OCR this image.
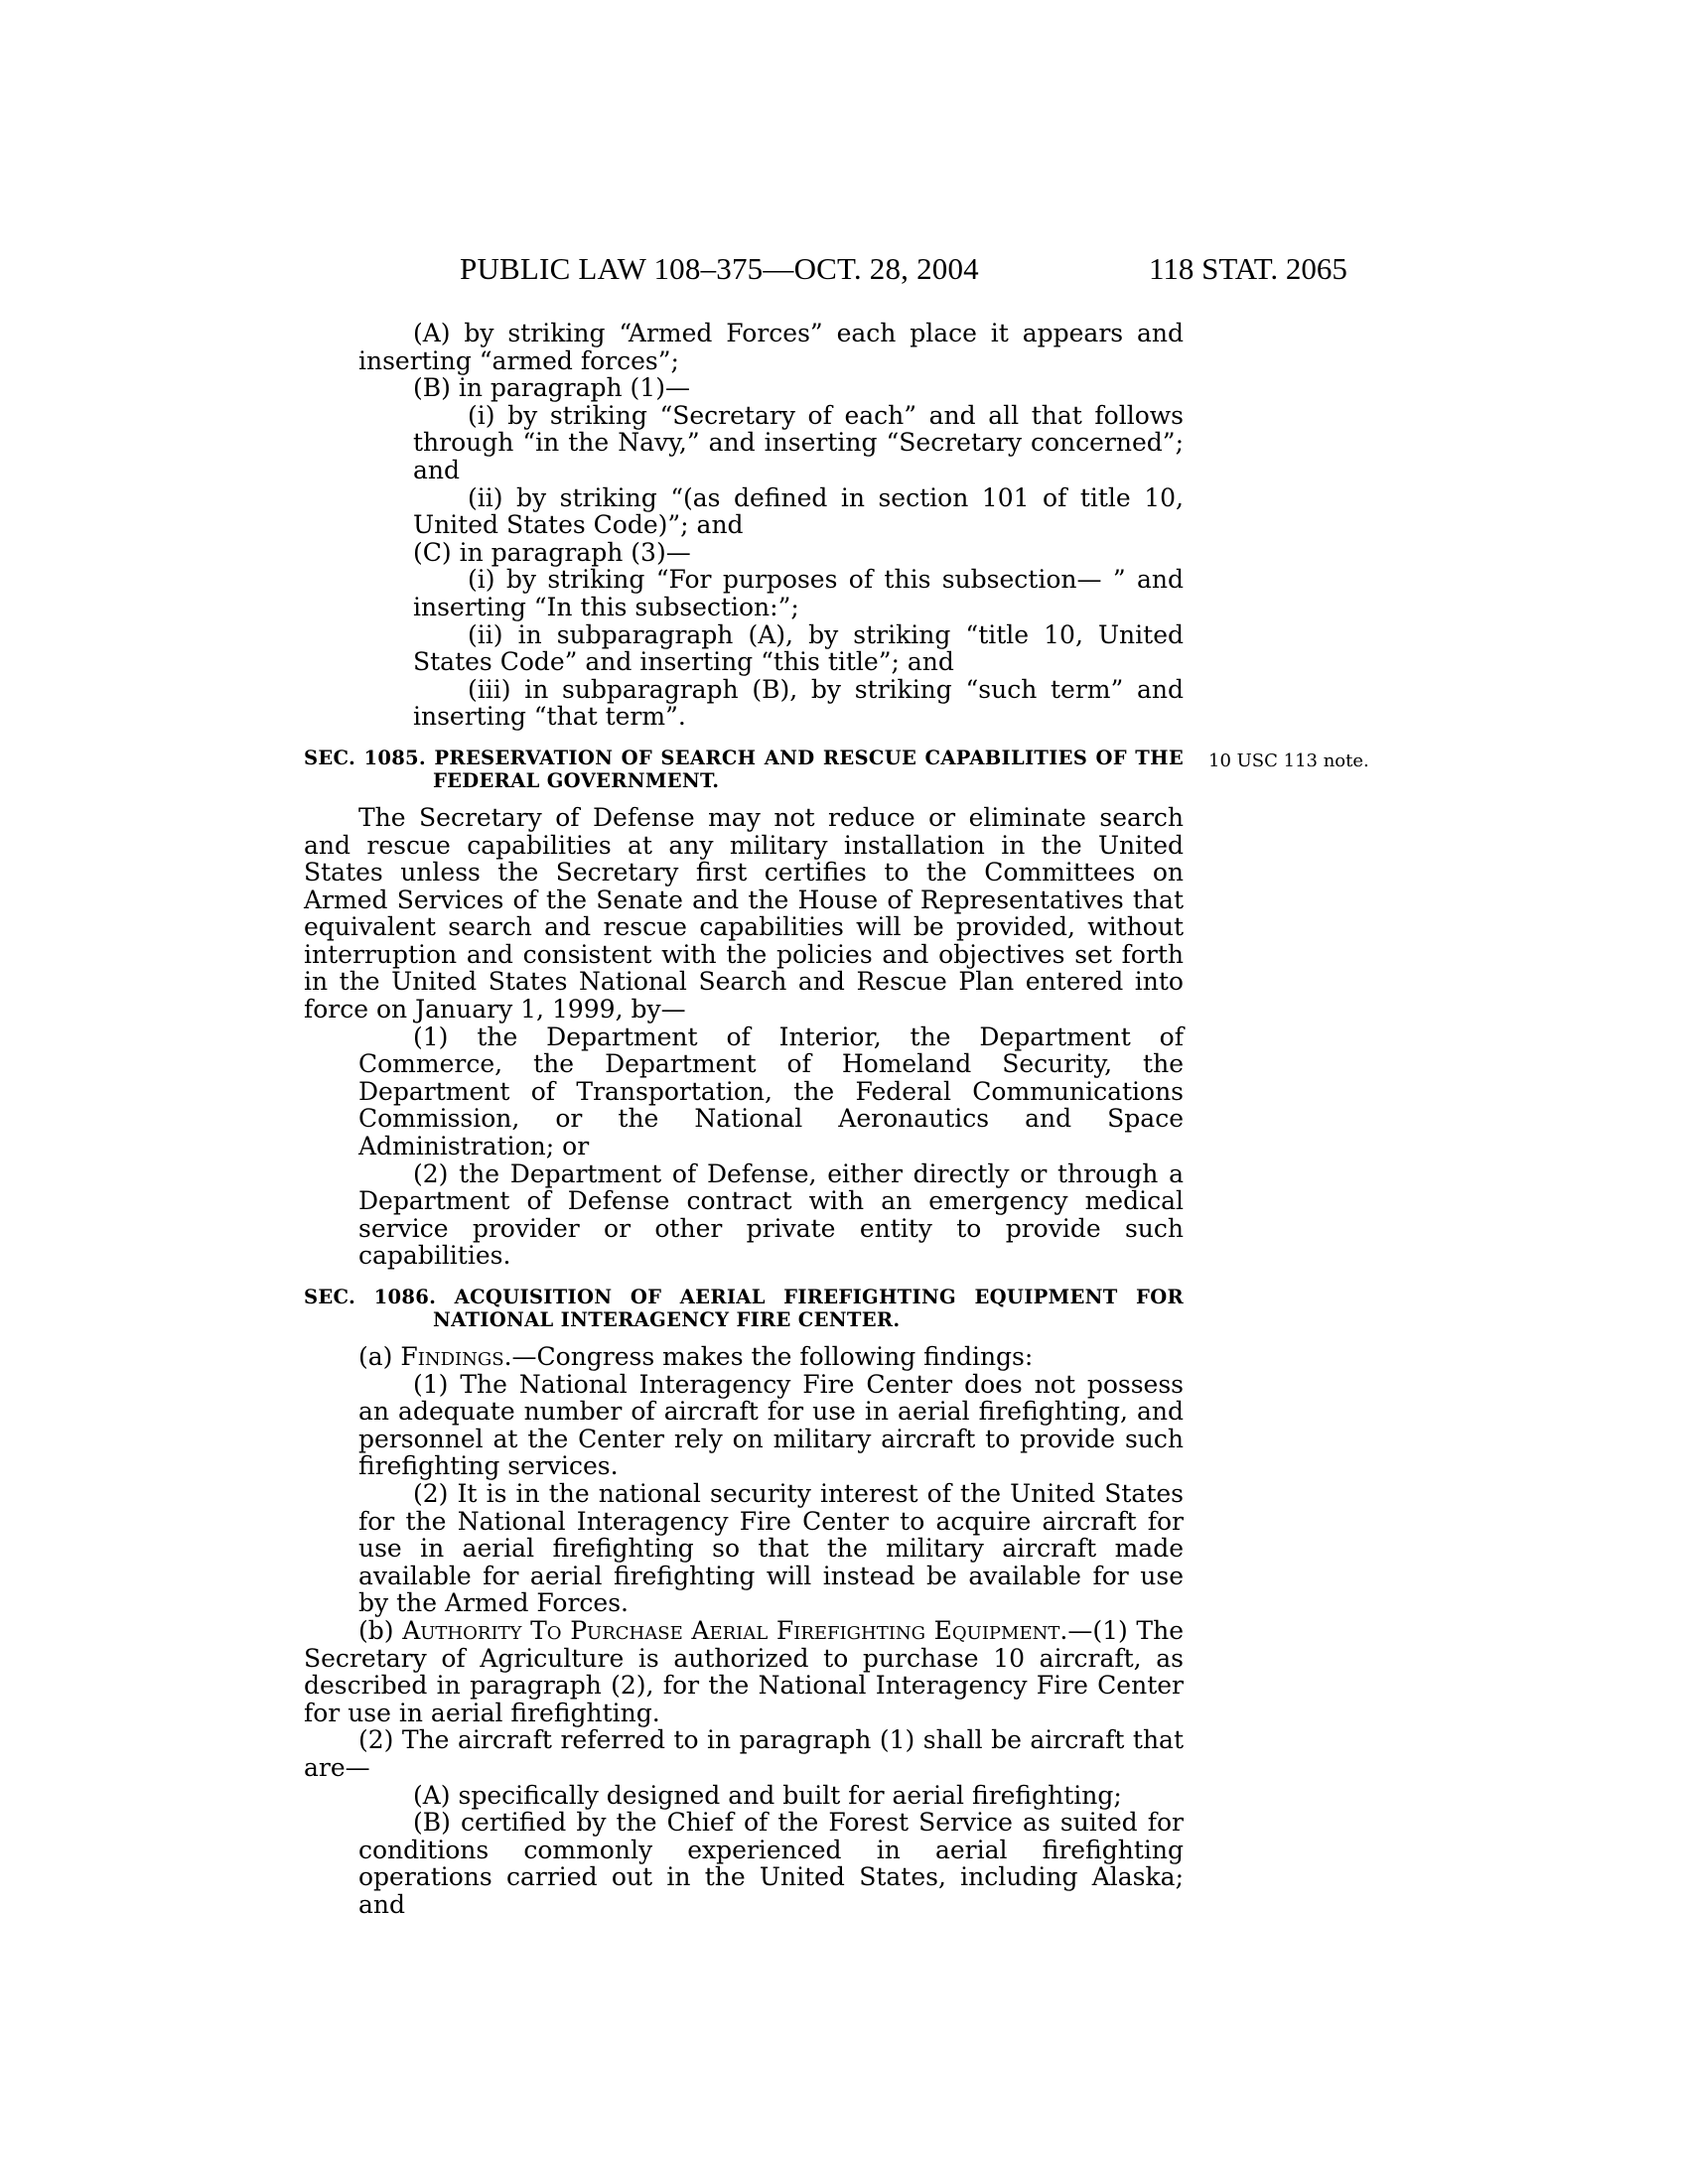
PUBLIC LAW 108–375—OCT. 28, 2004	118 STAT. 2065
10 USC 113 note.

(A) by striking “Armed Forces” each place it appears and inserting “armed forces”;

(B) in paragraph (1)—

(i) by striking “Secretary of each” and all that follows through “in the Navy,” and inserting “Secretary concerned”; and

(ii) by striking “(as defined in section 101 of title 10, United States Code)”; and

(C) in paragraph (3)—

(i) by striking “For purposes of this subsection— ” and inserting “In this subsection:”;

(ii) in subparagraph (A), by striking “title 10, United States Code” and inserting “this title”; and

(iii) in subparagraph (B), by striking “such term” and inserting “that term”.

SEC. 1085. PRESERVATION OF SEARCH AND RESCUE CAPABILITIES OF THE FEDERAL GOVERNMENT.

The Secretary of Defense may not reduce or eliminate search and rescue capabilities at any military installation in the United States unless the Secretary first certifies to the Committees on Armed Services of the Senate and the House of Representatives that equivalent search and rescue capabilities will be provided, without interruption and consistent with the policies and objectives set forth in the United States National Search and Rescue Plan entered into force on January 1, 1999, by—

(1) the Department of Interior, the Department of Commerce, the Department of Homeland Security, the Department of Transportation, the Federal Communications Commission, or the National Aeronautics and Space Administration; or

(2) the Department of Defense, either directly or through a Department of Defense contract with an emergency medical service provider or other private entity to provide such capabilities.

SEC. 1086. ACQUISITION OF AERIAL FIREFIGHTING EQUIPMENT FOR NATIONAL INTERAGENCY FIRE CENTER.

(a) Findings.—Congress makes the following findings:

(1) The National Interagency Fire Center does not possess an adequate number of aircraft for use in aerial firefighting, and personnel at the Center rely on military aircraft to provide such firefighting services.

(2) It is in the national security interest of the United States for the National Interagency Fire Center to acquire aircraft for use in aerial firefighting so that the military aircraft made available for aerial firefighting will instead be available for use by the Armed Forces.

(b) Authority To Purchase Aerial Firefighting Equipment.—(1) The Secretary of Agriculture is authorized to purchase 10 aircraft, as described in paragraph (2), for the National Interagency Fire Center for use in aerial firefighting.

(2) The aircraft referred to in paragraph (1) shall be aircraft that are—

(A) specifically designed and built for aerial firefighting;

(B) certified by the Chief of the Forest Service as suited for conditions commonly experienced in aerial firefighting operations carried out in the United States, including Alaska; and
